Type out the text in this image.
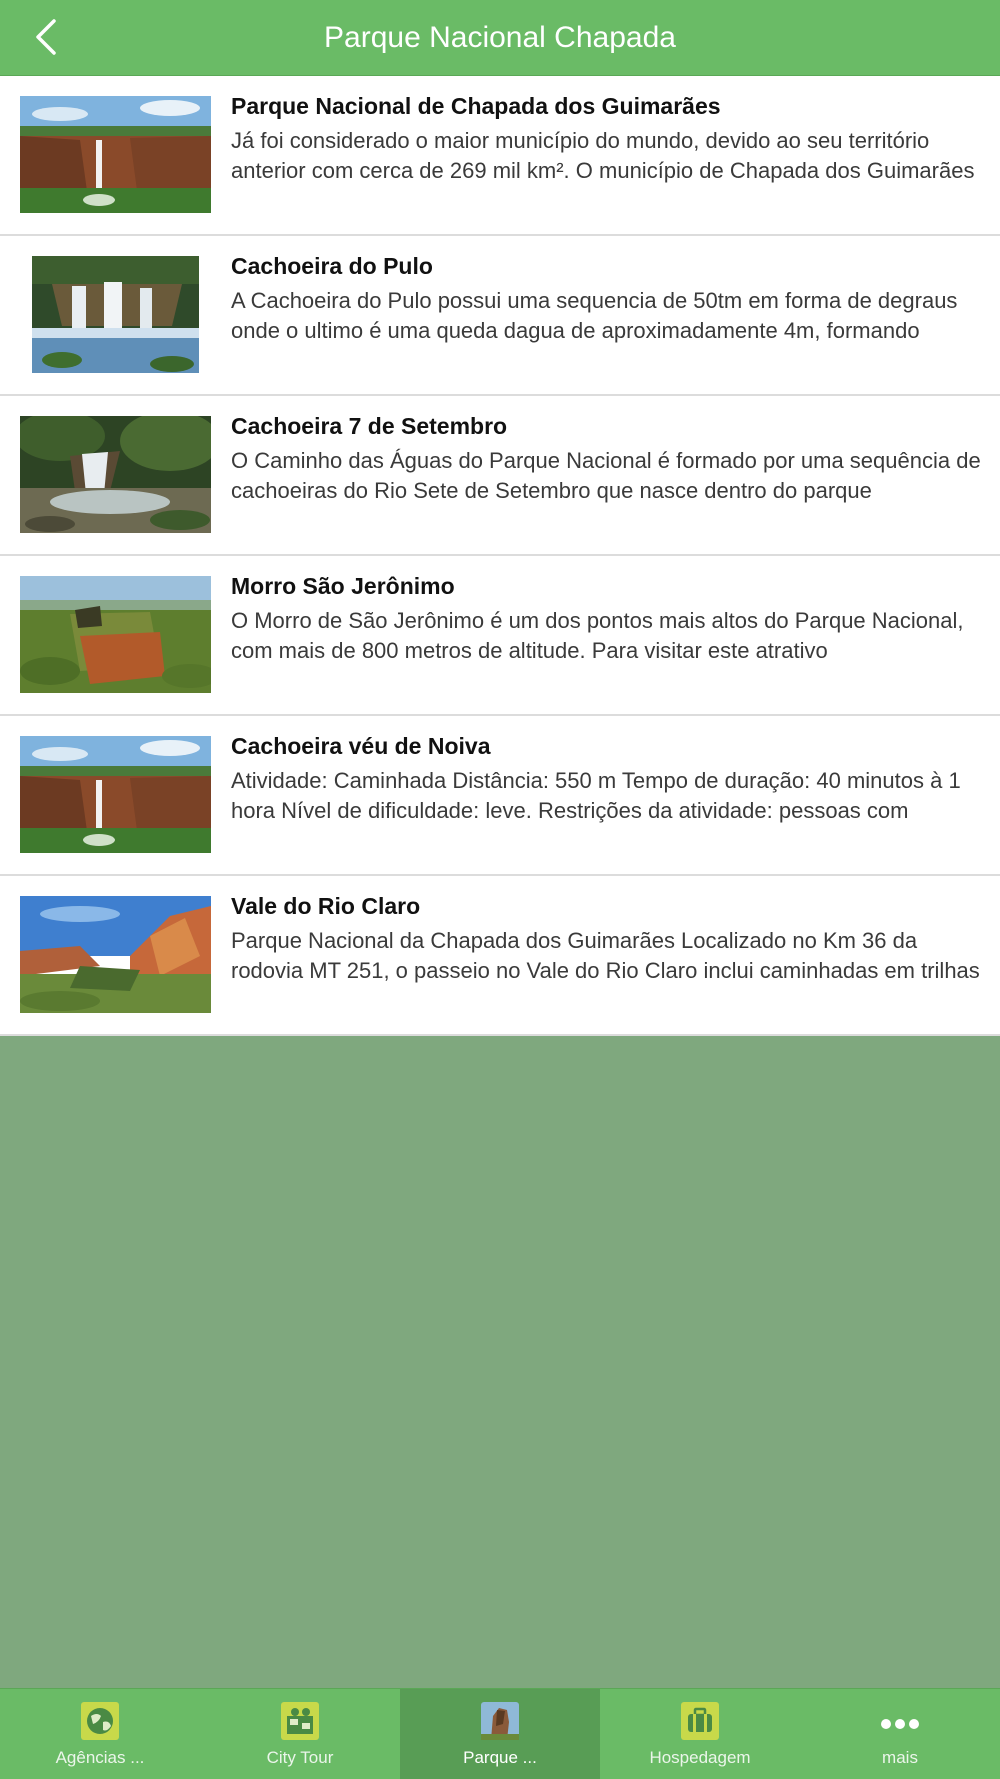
Parque Nacional Chapada
Parque Nacional de Chapada dos Guimarães
Já foi considerado o maior município do mundo, devido ao seu território anterior com cerca de 269 mil km². O município de Chapada dos Guimarães
Cachoeira do Pulo
A Cachoeira do Pulo possui uma sequencia de 50tm em forma de degraus onde o ultimo é uma queda dagua de aproximadamente 4m, formando
Cachoeira 7 de Setembro
O Caminho das Águas do Parque Nacional é formado por uma sequência de cachoeiras do Rio Sete de Setembro que nasce dentro do parque
Morro São Jerônimo
O Morro de São Jerônimo é um dos pontos mais altos do Parque Nacional, com mais de 800 metros de altitude. Para visitar este atrativo
Cachoeira véu de Noiva
Atividade: Caminhada Distância: 550 m Tempo de duração: 40 minutos à 1 hora Nível de dificuldade: leve. Restrições da atividade: pessoas com
Vale do Rio Claro
Parque Nacional da Chapada dos Guimarães Localizado no Km 36 da rodovia MT 251, o passeio no Vale do Rio Claro inclui caminhadas em trilhas
Agências ...	City Tour	Parque ...	Hospedagem	mais
